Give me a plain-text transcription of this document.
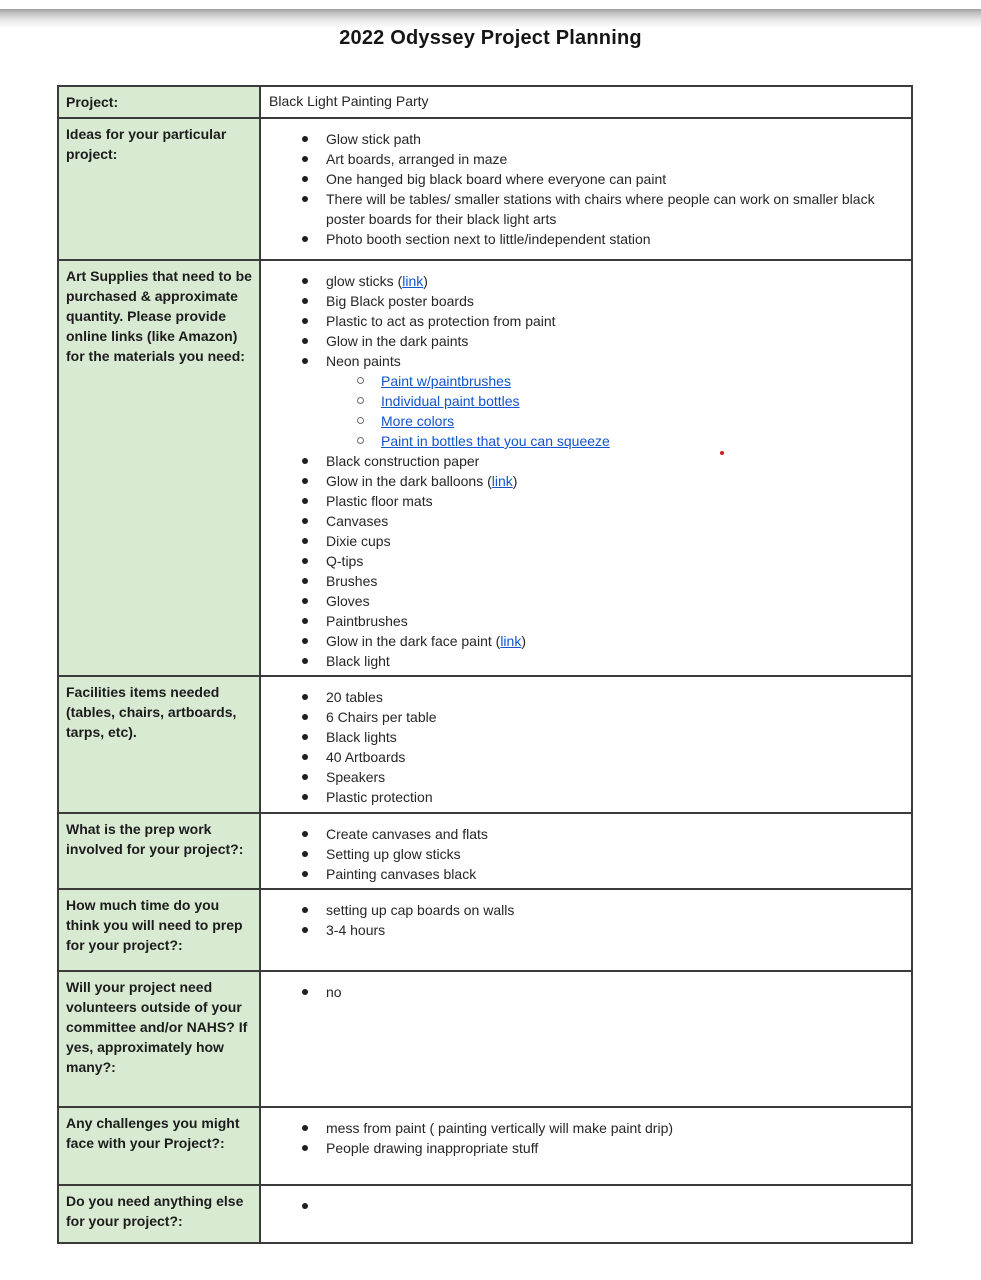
2022 Odyssey Project Planning
Project:	Black Light Painting Party
Ideas for your particular project:	
Glow stick path
Art boards, arranged in maze
One hanged big black board where everyone can paint
There will be tables/ smaller stations with chairs where people can work on smaller black poster boards for their black light arts
Photo booth section next to little/independent station

Art Supplies that need to be purchased & approximate quantity. Please provide online links (like Amazon) for the materials you need:	
glow sticks (link)
Big Black poster boards
Plastic to act as protection from paint
Glow in the dark paints
Neon paints
Paint w/paintbrushes
Individual paint bottles
More colors
Paint in bottles that you can squeeze
Black construction paper
Glow in the dark balloons (link)
Plastic floor mats
Canvases
Dixie cups
Q-tips
Brushes
Gloves
Paintbrushes
Glow in the dark face paint (link)
Black light

Facilities items needed (tables, chairs, artboards, tarps, etc).	
20 tables
6 Chairs per table
Black lights
40 Artboards
Speakers
Plastic protection

What is the prep work involved for your project?:	
Create canvases and flats
Setting up glow sticks
Painting canvases black

How much time do you think you will need to prep for your project?:	
setting up cap boards on walls
3-4 hours

Will your project need volunteers outside of your committee and/or NAHS? If yes, approximately how many?:	
no

Any challenges you might face with your Project?:	
mess from paint ( painting vertically will make paint drip)
People drawing inappropriate stuff

Do you need anything else for your project?:	
